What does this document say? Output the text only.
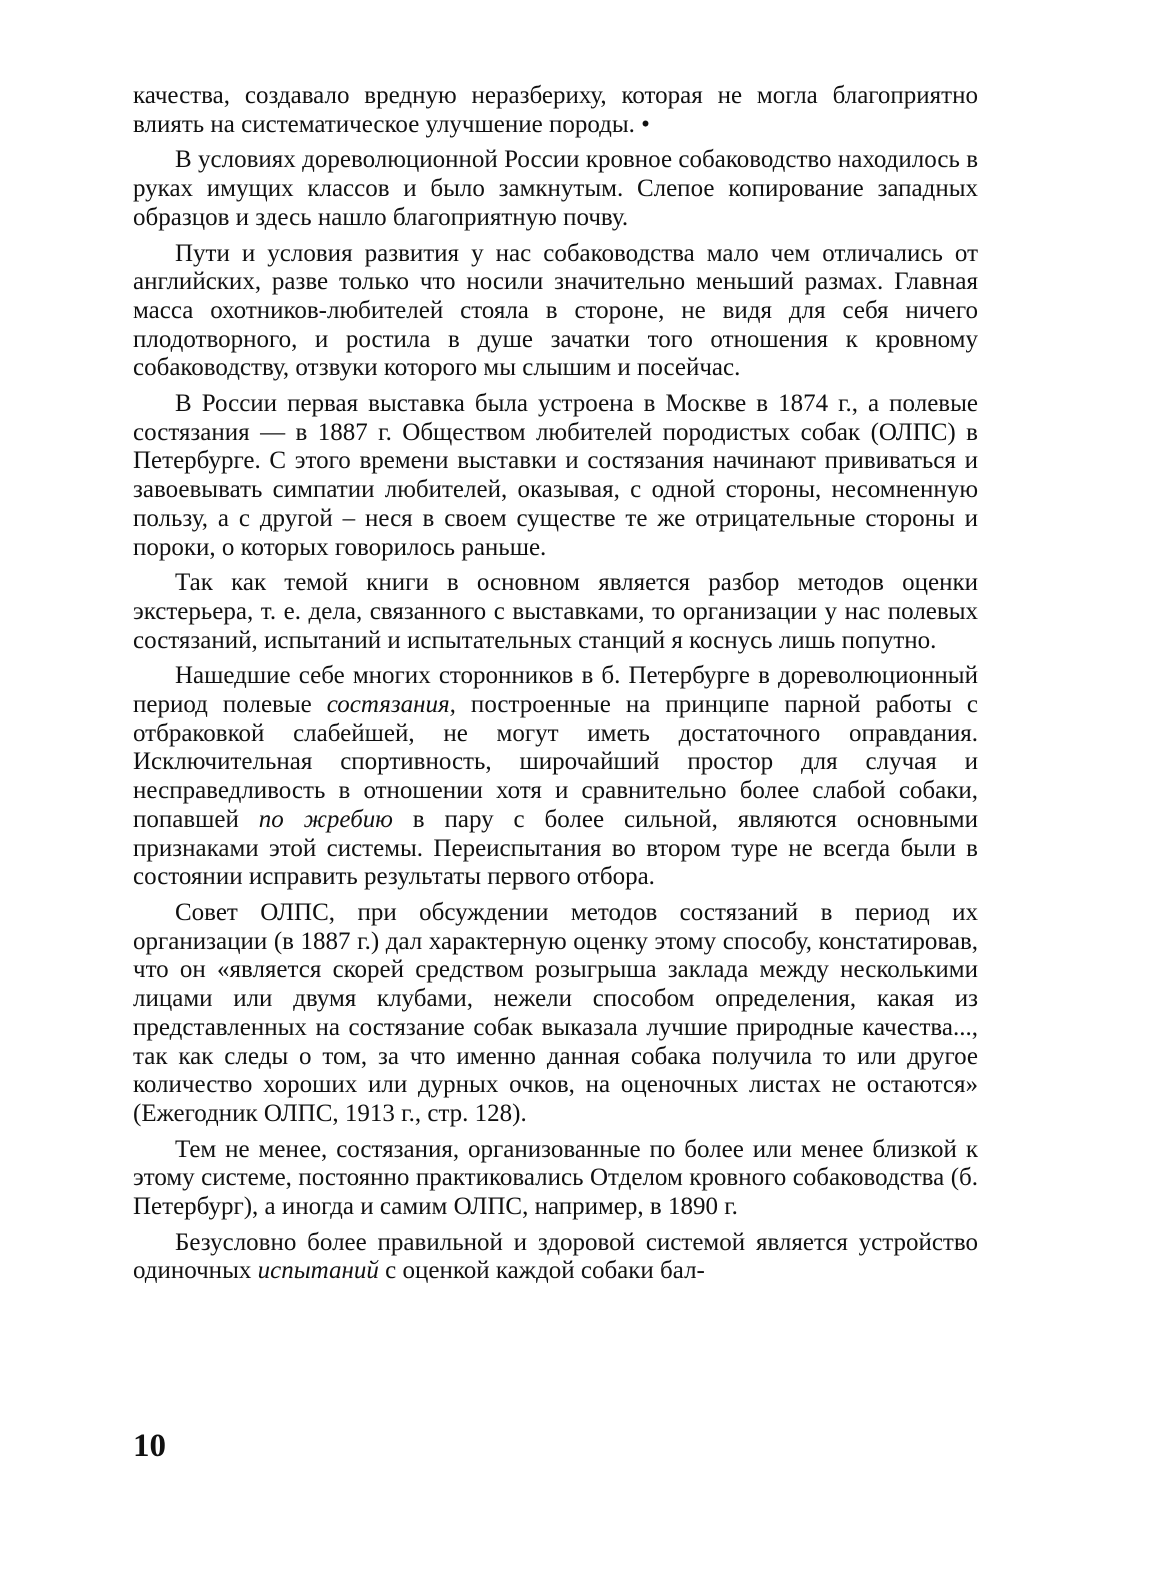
качества, создавало вредную неразбериху, которая не могла благоприятно влиять на систематическое улучшение породы. •

В условиях дореволюционной России кровное собаководство находилось в руках имущих классов и было замкнутым. Слепое копирование западных образцов и здесь нашло благоприятную почву.

Пути и условия развития у нас собаководства мало чем отличались от английских, разве только что носили значительно меньший размах. Главная масса охотников-любителей стояла в стороне, не видя для себя ничего плодотворного, и ростила в душе зачатки того отношения к кровному собаководству, отзвуки которого мы слышим и посейчас.

В России первая выставка была устроена в Москве в 1874 г., а полевые состязания — в 1887 г. Обществом любителей породистых собак (ОЛПС) в Петербурге. С этого времени выставки и состязания начинают прививаться и завоевывать симпатии любителей, оказывая, с одной стороны, несомненную пользу, а с другой – неся в своем существе те же отрицательные стороны и пороки, о которых говорилось раньше.

Так как темой книги в основном является разбор методов оценки экстерьера, т. е. дела, связанного с выставками, то организации у нас полевых состязаний, испытаний и испытательных станций я коснусь лишь попутно.

Нашедшие себе многих сторонников в б. Петербурге в дореволюционный период полевые состязания, построенные на принципе парной работы с отбраковкой слабейшей, не могут иметь достаточного оправдания. Исключительная спортивность, широчайший простор для случая и несправедливость в отношении хотя и сравнительно более слабой собаки, попавшей по жребию в пару с более сильной, являются основными признаками этой системы. Переиспытания во втором туре не всегда были в состоянии исправить результаты первого отбора.

Совет ОЛПС, при обсуждении методов состязаний в период их организации (в 1887 г.) дал характерную оценку этому способу, констатировав, что он «является скорей средством розыгрыша заклада между несколькими лицами или двумя клубами, нежели способом определения, какая из представленных на состязание собак выказала лучшие природные качества..., так как следы о том, за что именно данная собака получила то или другое количество хороших или дурных очков, на оценочных листах не остаются» (Ежегодник ОЛПС, 1913 г., стр. 128).

Тем не менее, состязания, организованные по более или менее близкой к этому системе, постоянно практиковались Отделом кровного собаководства (б. Петербург), а иногда и самим ОЛПС, например, в 1890 г.

Безусловно более правильной и здоровой системой является устройство одиночных испытаний с оценкой каждой собаки бал-

10
